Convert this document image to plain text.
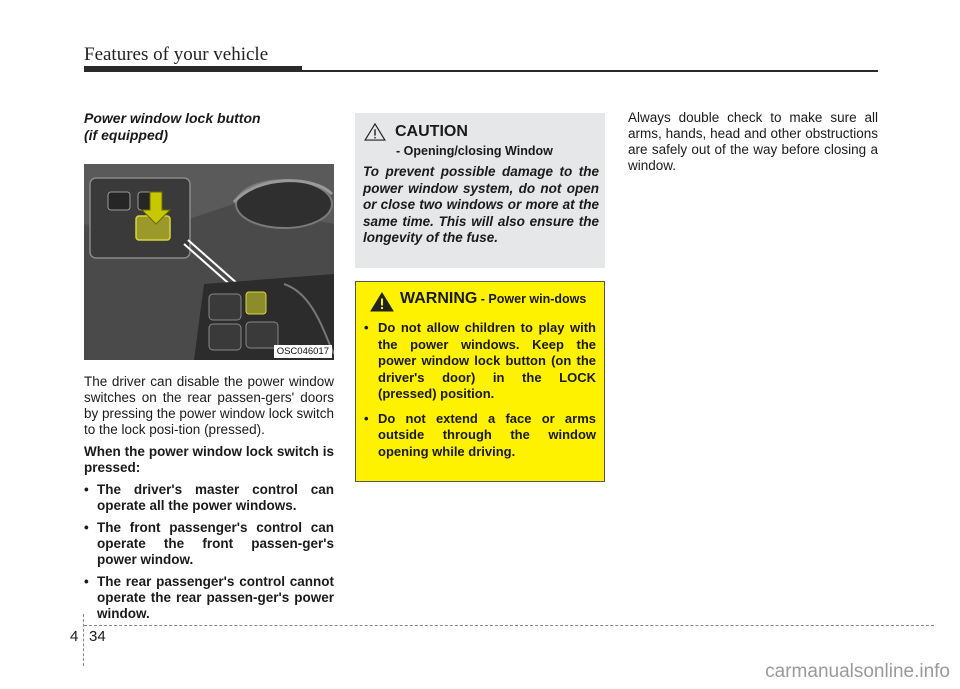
Features of your vehicle

Power window lock button
(if equipped)

OSC046017

The driver can disable the power window switches on the rear passen-gers' doors by pressing the power window lock switch to the lock posi-tion (pressed).

When the power window lock switch is pressed:

• The driver's master control can operate all the power windows.
• The front passenger's control can operate the front passen-ger's power window.
• The rear passenger's control cannot operate the rear passen-ger's power window.
CAUTION
- Opening/closing Window

To prevent possible damage to the power window system, do not open or close two windows or more at the same time. This will also ensure the longevity of the fuse.

WARNING - Power win-dows
• Do not allow children to play with the power windows. Keep the power window lock button (on the driver's door) in the LOCK (pressed) position.
• Do not extend a face or arms outside through the window opening while driving.

Always double check to make sure all arms, hands, head and other obstructions are safely out of the way before closing a window.

4 34
carmanualsonline.info
